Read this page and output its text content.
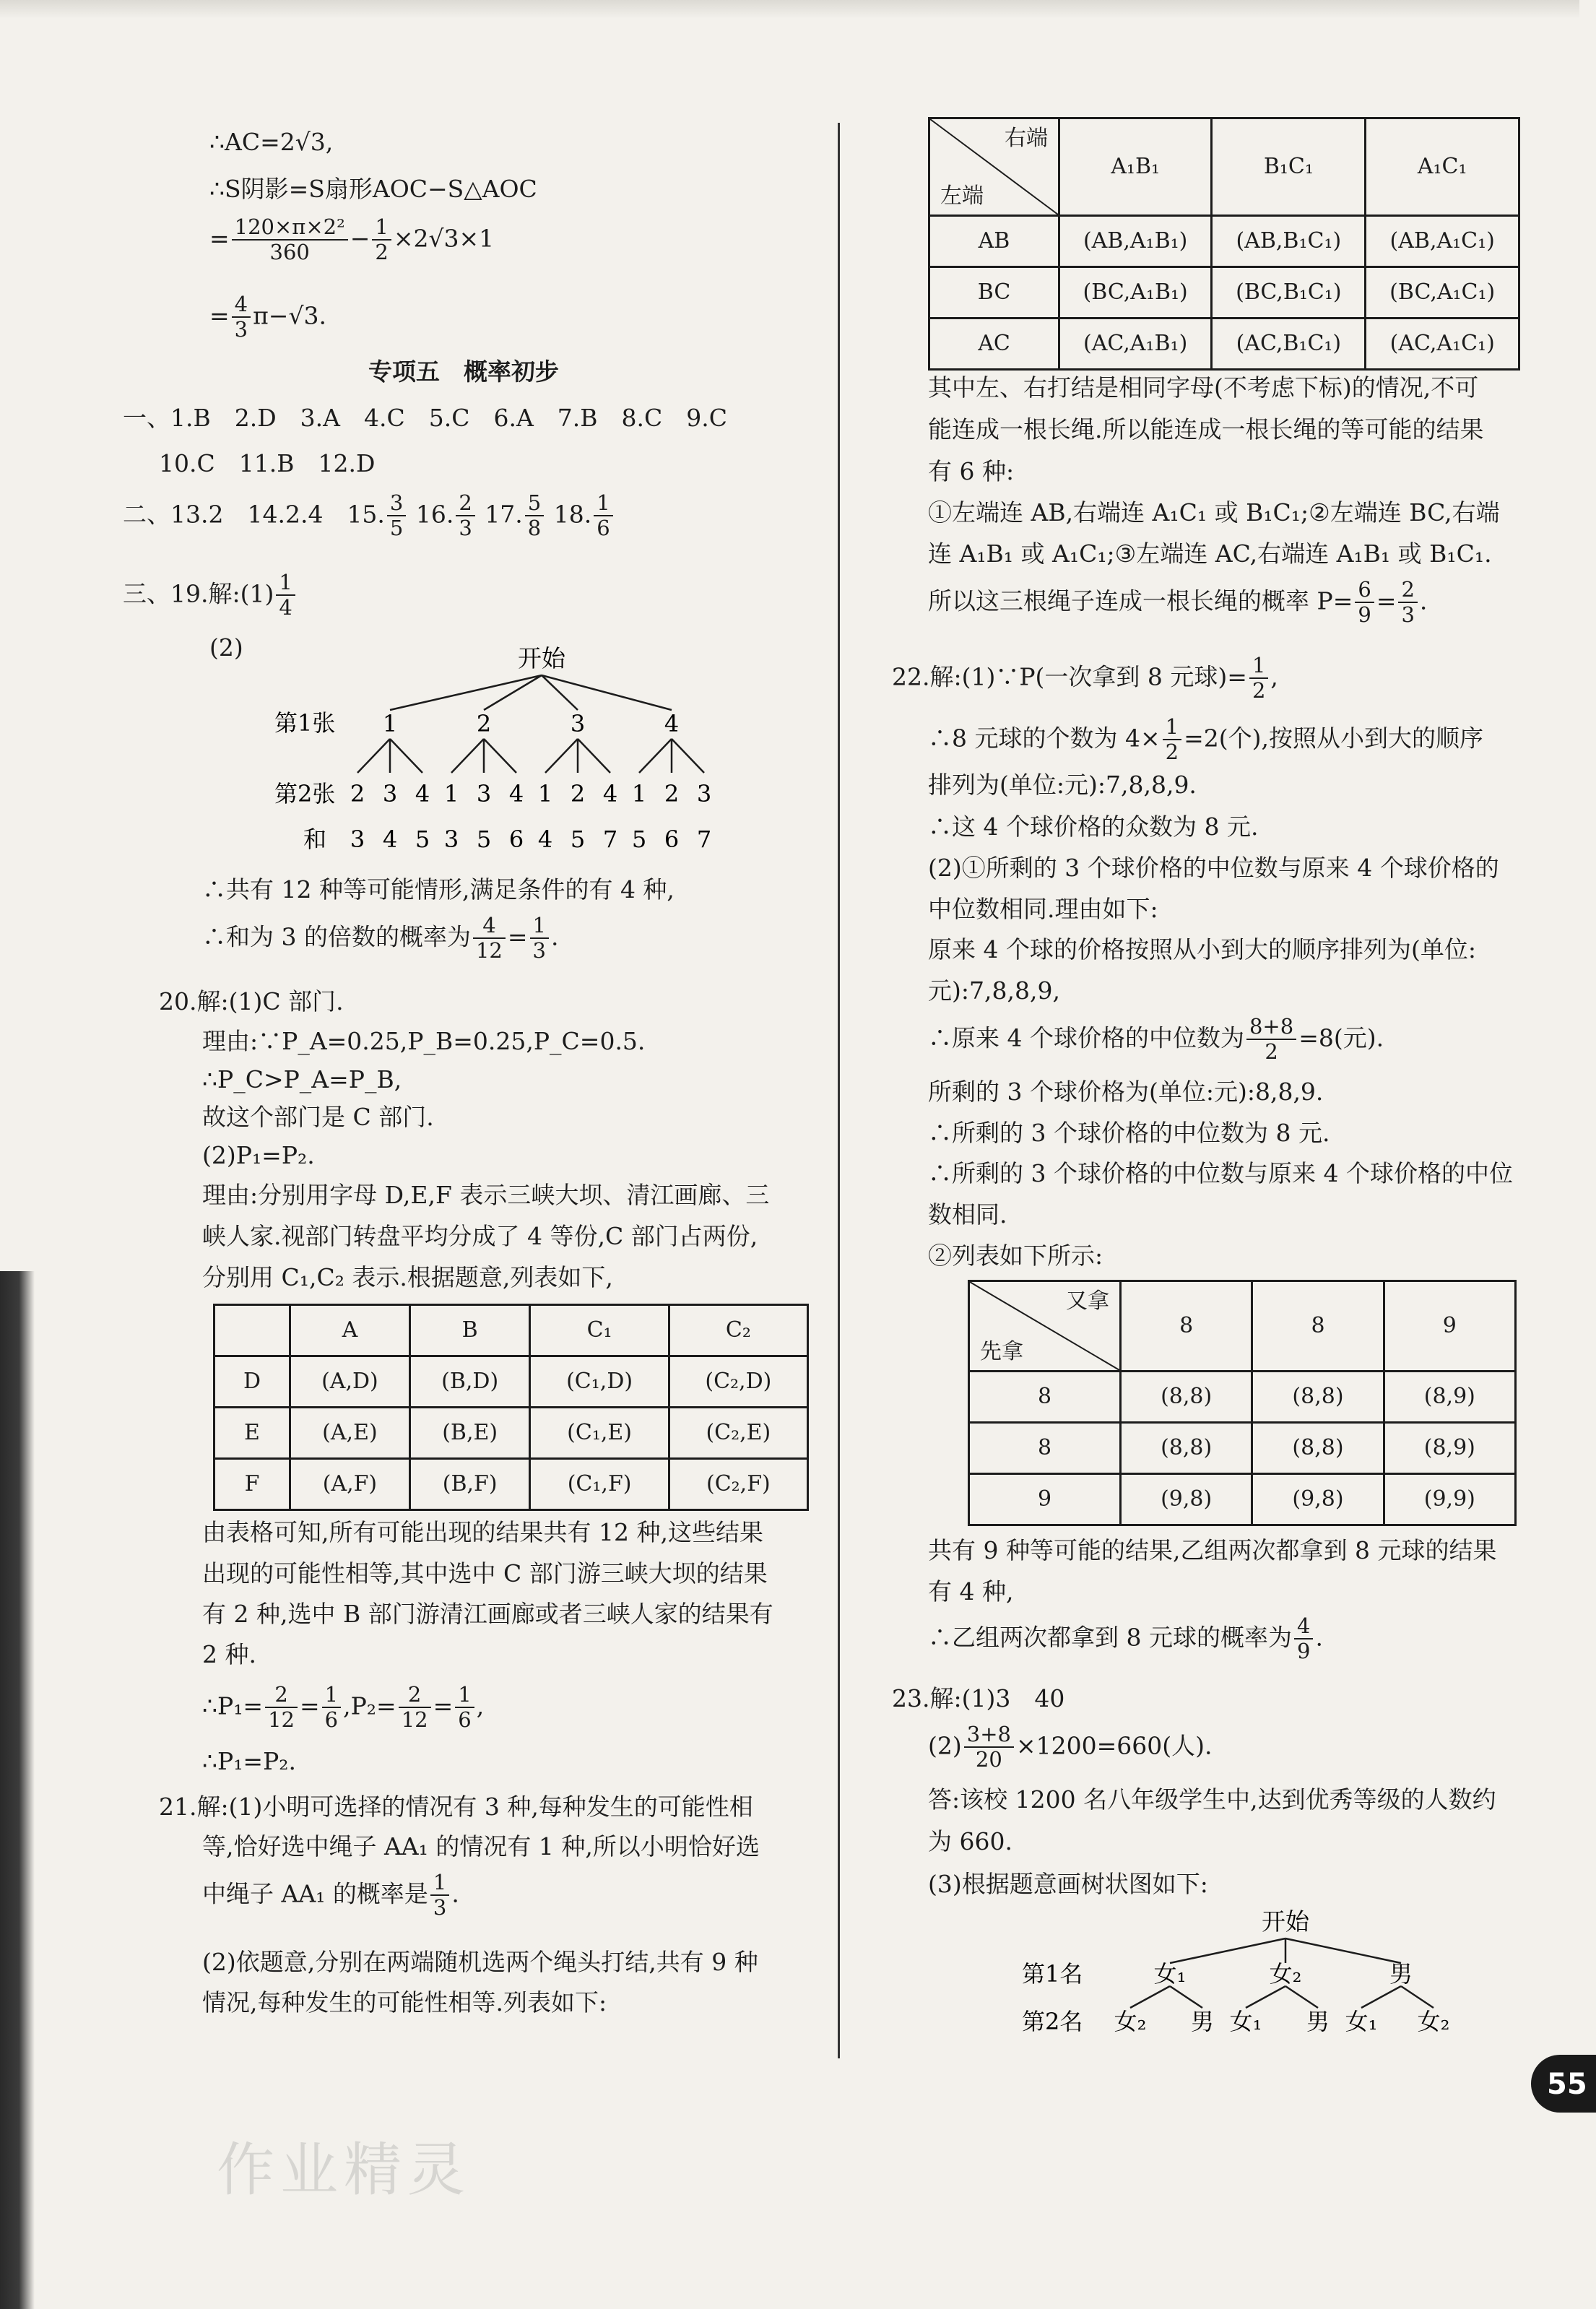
∴AC=2√3,
∴S阴影=S扇形AOC−S△AOC
= $\frac{\text{120×π×2²}}{360} - \frac{1}{2} \times 2√3\times 1$
= $\frac{4}{3} \pi-√3$.
专项五　概率初步
一、1.B　2.D　3.A　4.C　5.C　6.A　7.B　8.C　9.C
10.C　11.B　12.D
二、13.2　14.2.4　15. $\frac{3}{5} 16$. $\frac{2}{3} 17$. $\frac{5}{8} 18$. $\frac{1}{6}$
三、19.解:(1) $\frac{1}{4}$
(2)	开始
第1张
第2张
和
1	2	3	4
2 3 4 1 3 4 1 2 4 1 2 3
3 4 5 3 5 6 4 5 7 5 6 7
∴共有 12 种等可能情形,满足条件的有 4 种,
∴和为 3 的倍数的概率为 $\frac{4}{12} = \frac{1}{3}$ .
20.解:(1)C 部门.
理由:∵P_A=0.25,P_B=0.25,P_C=0.5.
∴P_C>P_A=P_B,
故这个部门是 C 部门.
(2)P₁=P₂.
理由:分别用字母 D,E,F 表示三峡大坝、清江画廊、三
峡人家.视部门转盘平均分成了 4 等份,C 部门占两份,
分别用 C₁,C₂ 表示.根据题意,列表如下,
	A	B	C₁	C₂
D	(A,D)	(B,D)	(C₁,D)	(C₂,D)
E	(A,E)	(B,E)	(C₁,E)	(C₂,E)
F	(A,F)	(B,F)	(C₁,F)	(C₂,F)
由表格可知,所有可能出现的结果共有 12 种,这些结果
出现的可能性相等,其中选中 C 部门游三峡大坝的结果
有 2 种,选中 B 部门游清江画廊或者三峡人家的结果有
2 种.
∴P₁= $\frac{2}{12} = \frac{1}{6} ,P_2= \frac{2}{12} = \frac{1}{6}$ ,
∴P₁=P₂.
21.解:(1)小明可选择的情况有 3 种,每种发生的可能性相
等,恰好选中绳子 AA₁ 的情况有 1 种,所以小明恰好选
中绳子 AA₁ 的概率是 $\frac{1}{3}$ .
(2)依题意,分别在两端随机选两个绳头打结,共有 9 种
情况,每种发生的可能性相等.列表如下:
右端
左端	A₁B₁	B₁C₁	A₁C₁
AB	(AB,A₁B₁)	(AB,B₁C₁)	(AB,A₁C₁)
BC	(BC,A₁B₁)	(BC,B₁C₁)	(BC,A₁C₁)
AC	(AC,A₁B₁)	(AC,B₁C₁)	(AC,A₁C₁)
其中左、右打结是相同字母(不考虑下标)的情况,不可
能连成一根长绳.所以能连成一根长绳的等可能的结果
有 6 种:
①左端连 AB,右端连 A₁C₁ 或 B₁C₁;②左端连 BC,右端
连 A₁B₁ 或 A₁C₁;③左端连 AC,右端连 A₁B₁ 或 B₁C₁.
所以这三根绳子连成一根长绳的概率 $P= \frac{6}{9} = \frac{2}{3}$ .
22.解:(1)∵P(一次拿到 8 元球)= $\frac{1}{2}$ ,
∴8 元球的个数为 $4\times \frac{1}{2} =2$(个),按照从小到大的顺序
排列为(单位:元):7,8,8,9.
∴这 4 个球价格的众数为 8 元.
(2)①所剩的 3 个球价格的中位数与原来 4 个球价格的
中位数相同.理由如下:
原来 4 个球的价格按照从小到大的顺序排列为(单位:
元):7,8,8,9,
∴原来 4 个球价格的中位数为 $\frac{8+8}{2} =8$(元).
所剩的 3 个球价格为(单位:元):8,8,9.
∴所剩的 3 个球价格的中位数为 8 元.
∴所剩的 3 个球价格的中位数与原来 4 个球价格的中位
数相同.
②列表如下所示:
又拿
先拿	8	8	9
8	(8,8)	(8,8)	(8,9)
8	(8,8)	(8,8)	(8,9)
9	(9,8)	(9,8)	(9,9)
共有 9 种等可能的结果,乙组两次都拿到 8 元球的结果
有 4 种,
∴乙组两次都拿到 8 元球的概率为 $\frac{4}{9}$ .
23.解:(1)3　40
$(2) \frac{3+8}{20} \times 1200=660$(人).
答:该校 1200 名八年级学生中,达到优秀等级的人数约
为 660.
(3)根据题意画树状图如下:
开始
第1名
第2名
女₁	女₂	男
女₂ 男 女₁ 男 女₁ 女₂
55
作业精灵
